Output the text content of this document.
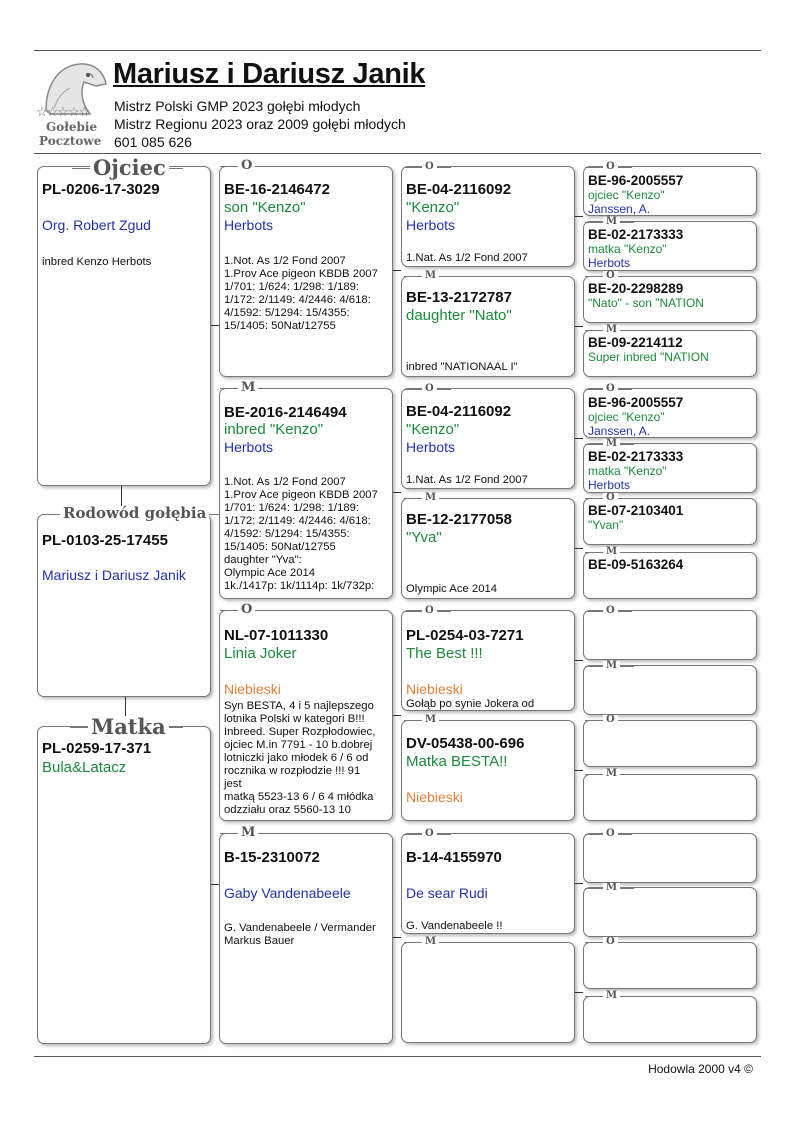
☆☆☆☆☆
Gołebie
Pocztowe
Mariusz i Dariusz Janik
Mistrz Polski GMP 2023 gołębi młodych
Mistrz Regionu 2023 oraz 2009 gołębi młodych
601 085 626
Ojciec
PL-0206-17-3029
Org. Robert Zgud
inbred Kenzo Herbots
Rodowód gołębia
PL-0103-25-17455
Mariusz i Dariusz Janik
Matka
PL-0259-17-371
Bula&Latacz
O
BE-16-2146472
son "Kenzo"
Herbots
1.Not. As 1/2 Fond 2007
1.Prov Ace pigeon KBDB 2007
1/701: 1/624: 1/298: 1/189:
1/172: 2/1149: 4/2446: 4/618:
4/1592: 5/1294: 15/4355:
15/1405: 50Nat/12755
M
BE-2016-2146494
inbred "Kenzo"
Herbots
1.Not. As 1/2 Fond 2007
1.Prov Ace pigeon KBDB 2007
1/701: 1/624: 1/298: 1/189:
1/172: 2/1149: 4/2446: 4/618:
4/1592: 5/1294: 15/4355:
15/1405: 50Nat/12755
daughter "Yva":
Olympic Ace 2014
1k./1417p: 1k/1114p: 1k/732p:
O
NL-07-1011330
Linia Joker
Niebieski
Syn BESTA, 4 i 5 najlepszego
lotnika Polski w kategori B!!!
Inbreed. Super Rozpłodowiec,
ojciec M.in 7791 - 10 b.dobrej
lotniczki jako młodek 6 / 6 od
rocznika w rozpłodzie !!! 91
jest
matką 5523-13 6 / 6 4 młódka
odzziału oraz 5560-13 10
M
B-15-2310072
Gaby Vandenabeele
G. Vandenabeele / Vermander
Markus Bauer
O
BE-04-2116092
"Kenzo"
Herbots
1.Nat. As 1/2 Fond 2007
M
BE-13-2172787
daughter "Nato"
inbred "NATIONAAL I"
O
BE-04-2116092
"Kenzo"
Herbots
1.Nat. As 1/2 Fond 2007
M
BE-12-2177058
"Yva"
Olympic Ace 2014
O
PL-0254-03-7271
The Best !!!
Niebieski
Gołąb po synie Jokera od
M
DV-05438-00-696
Matka BESTA!!
Niebieski
O
B-14-4155970
De sear Rudi
G. Vandenabeele !!
M
O
BE-96-2005557
ojciec "Kenzo"
Janssen, A.
M
BE-02-2173333
matka "Kenzo"
Herbots
O
BE-20-2298289
"Nato" - son "NATION
M
BE-09-2214112
Super inbred "NATION
O
BE-96-2005557
ojciec "Kenzo"
Janssen, A.
M
BE-02-2173333
matka "Kenzo"
Herbots
O
BE-07-2103401
"Yvan"
M
BE-09-5163264
O
M
O
M
O
M
O
M
Hodowla 2000 v4 ©
